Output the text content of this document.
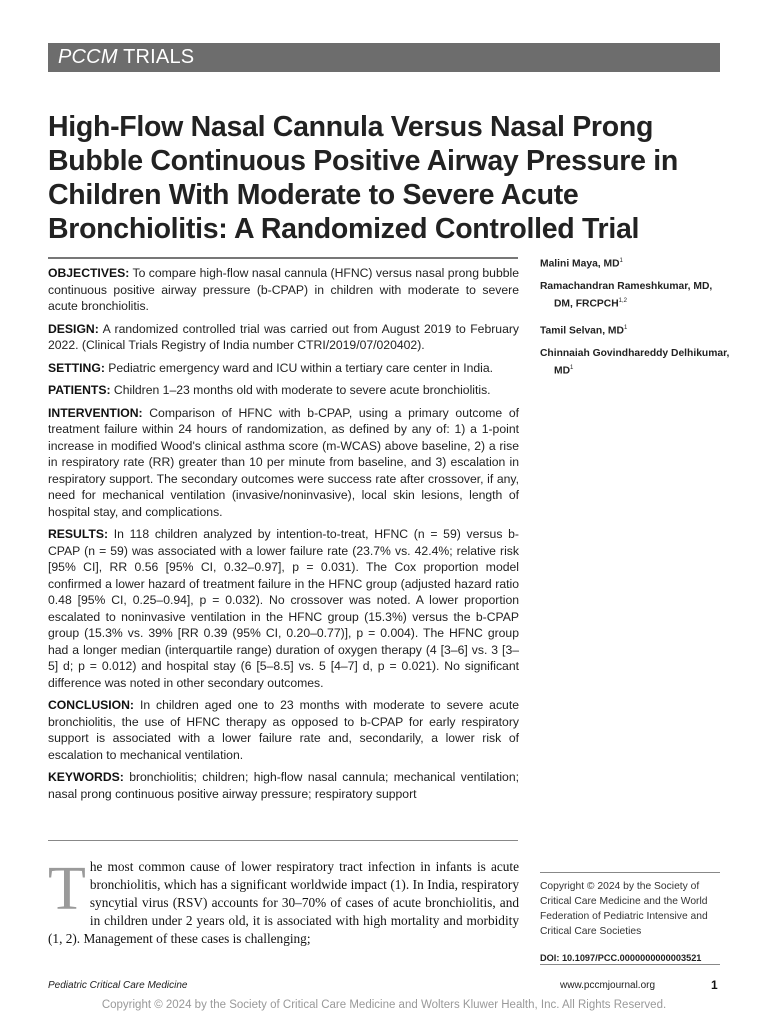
PCCM TRIALS
High-Flow Nasal Cannula Versus Nasal Prong Bubble Continuous Positive Airway Pressure in Children With Moderate to Severe Acute Bronchiolitis: A Randomized Controlled Trial

OBJECTIVES: To compare high-flow nasal cannula (HFNC) versus nasal prong bubble continuous positive airway pressure (b-CPAP) in children with moderate to severe acute bronchiolitis.

DESIGN: A randomized controlled trial was carried out from August 2019 to February 2022. (Clinical Trials Registry of India number CTRI/2019/07/020402).

SETTING: Pediatric emergency ward and ICU within a tertiary care center in India.

PATIENTS: Children 1–23 months old with moderate to severe acute bronchiolitis.

INTERVENTION: Comparison of HFNC with b-CPAP, using a primary outcome of treatment failure within 24 hours of randomization, as defined by any of: 1) a 1-point increase in modified Wood's clinical asthma score (m-WCAS) above baseline, 2) a rise in respiratory rate (RR) greater than 10 per minute from baseline, and 3) escalation in respiratory support. The secondary outcomes were success rate after crossover, if any, need for mechanical ventilation (invasive/noninvasive), local skin lesions, length of hospital stay, and complications.

RESULTS: In 118 children analyzed by intention-to-treat, HFNC (n = 59) versus b-CPAP (n = 59) was associated with a lower failure rate (23.7% vs. 42.4%; relative risk [95% CI], RR 0.56 [95% CI, 0.32–0.97], p = 0.031). The Cox proportion model confirmed a lower hazard of treatment failure in the HFNC group (adjusted hazard ratio 0.48 [95% CI, 0.25–0.94], p = 0.032). No crossover was noted. A lower proportion escalated to noninvasive ventilation in the HFNC group (15.3%) versus the b-CPAP group (15.3% vs. 39% [RR 0.39 (95% CI, 0.20–0.77)], p = 0.004). The HFNC group had a longer median (interquartile range) duration of oxygen therapy (4 [3–6] vs. 3 [3–5] d; p = 0.012) and hospital stay (6 [5–8.5] vs. 5 [4–7] d, p = 0.021). No significant difference was noted in other secondary outcomes.

CONCLUSION: In children aged one to 23 months with moderate to severe acute bronchiolitis, the use of HFNC therapy as opposed to b-CPAP for early respiratory support is associated with a lower failure rate and, secondarily, a lower risk of escalation to mechanical ventilation.

KEYWORDS: bronchiolitis; children; high-flow nasal cannula; mechanical ventilation; nasal prong continuous positive airway pressure; respiratory support

Malini Maya, $MD^1$
Ramachandran Rameshkumar, MD, DM, FRCPCH$^{1,2}$
Tamil Selvan, $MD^1$
Chinnaiah Govindhareddy Delhikumar, $MD^1$
The most common cause of lower respiratory tract infection in infants is acute bronchiolitis, which has a significant worldwide impact (1). In India, respiratory syncytial virus (RSV) accounts for 30–70% of cases of acute bronchiolitis, and in children under 2 years old, it is associated with high mortality and morbidity (1, 2). Management of these cases is challenging;
Copyright © 2024 by the Society of Critical Care Medicine and the World Federation of Pediatric Intensive and Critical Care Societies
DOI: 10.1097/PCC.0000000000003521
Pediatric Critical Care Medicine	www.pccmjournal.org	1
Copyright © 2024 by the Society of Critical Care Medicine and Wolters Kluwer Health, Inc. All Rights Reserved.
